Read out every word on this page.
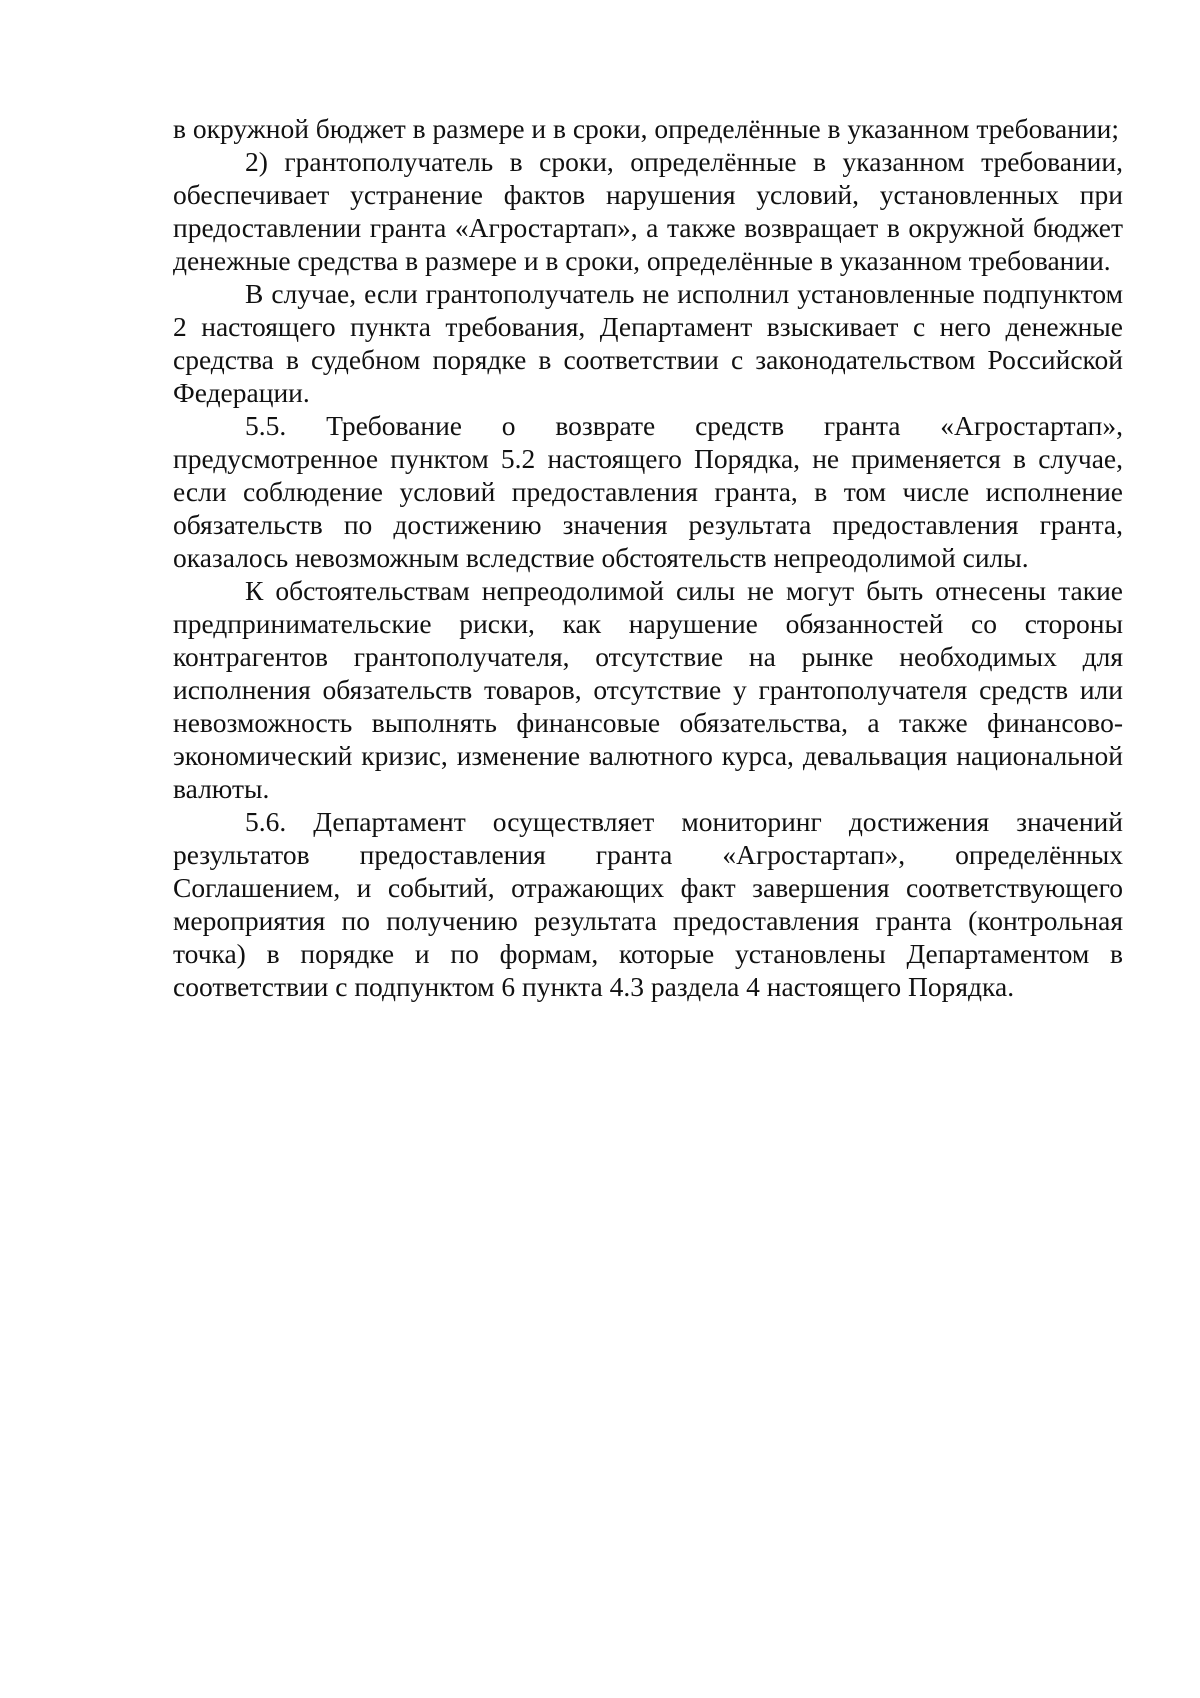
в окружной бюджет в размере и в сроки, определённые в указанном требовании;

2) грантополучатель в сроки, определённые в указанном требовании, обеспечивает устранение фактов нарушения условий, установленных при предоставлении гранта «Агростартап», а также возвращает в окружной бюджет денежные средства в размере и в сроки, определённые в указанном требовании.

В случае, если грантополучатель не исполнил установленные подпунктом 2 настоящего пункта требования, Департамент взыскивает с него денежные средства в судебном порядке в соответствии с законодательством Российской Федерации.

5.5. Требование о возврате средств гранта «Агростартап», предусмотренное пунктом 5.2 настоящего Порядка, не применяется в случае, если соблюдение условий предоставления гранта, в том числе исполнение обязательств по достижению значения результата предоставления гранта, оказалось невозможным вследствие обстоятельств непреодолимой силы.

К обстоятельствам непреодолимой силы не могут быть отнесены такие предпринимательские риски, как нарушение обязанностей со стороны контрагентов грантополучателя, отсутствие на рынке необходимых для исполнения обязательств товаров, отсутствие у грантополучателя средств или невозможность выполнять финансовые обязательства, а также финансово-экономический кризис, изменение валютного курса, девальвация национальной валюты.

5.6. Департамент осуществляет мониторинг достижения значений результатов предоставления гранта «Агростартап», определённых Соглашением, и событий, отражающих факт завершения соответствующего мероприятия по получению результата предоставления гранта (контрольная точка) в порядке и по формам, которые установлены Департаментом в соответствии с подпунктом 6 пункта 4.3 раздела 4 настоящего Порядка.
